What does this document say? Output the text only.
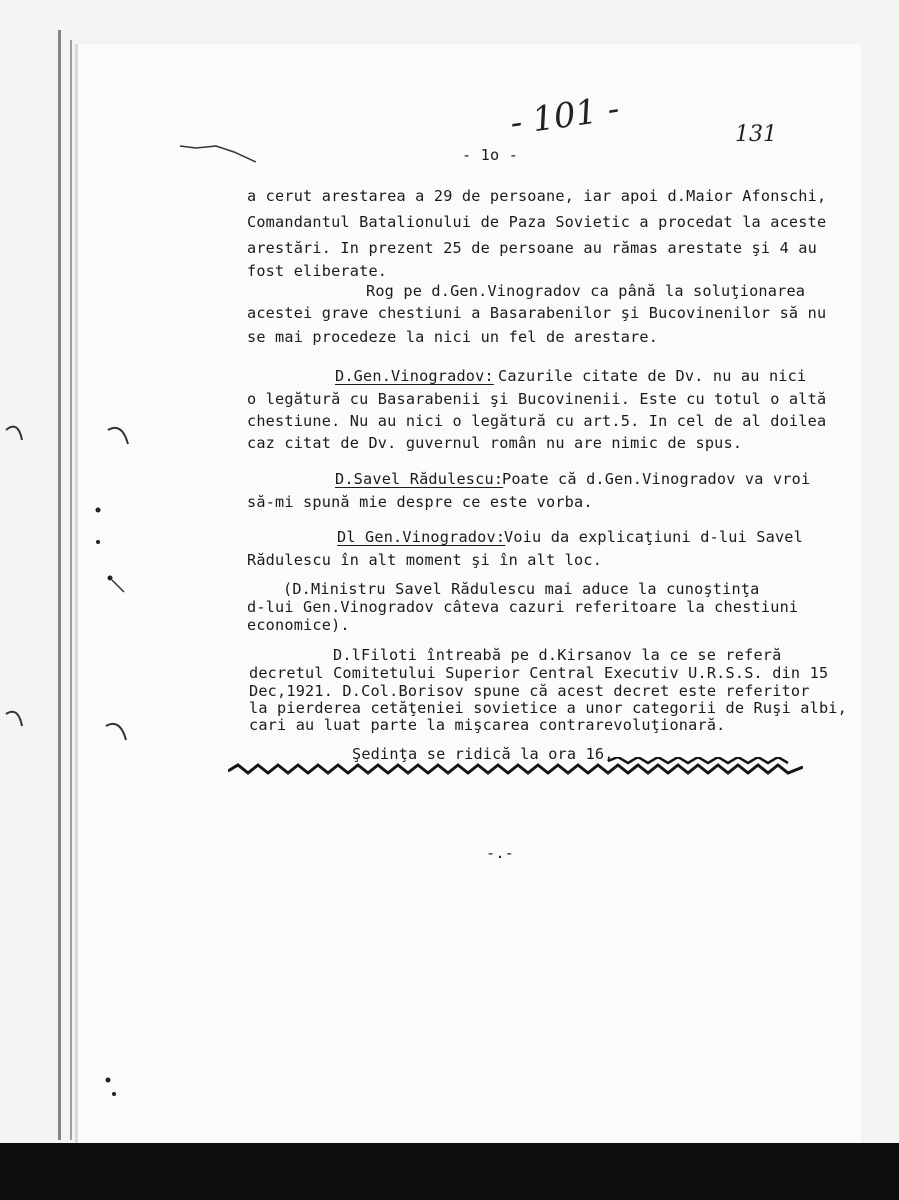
- 101 -	131
- 1o -
a cerut arestarea a 29 de persoane, iar apoi d.Maior Afonschi,
Comandantul Batalionului de Paza Sovietic a procedat la aceste
arestări. In prezent 25 de persoane au rămas arestate şi 4 au
fost eliberate.
Rog pe d.Gen.Vinogradov ca până la soluţionarea
acestei grave chestiuni a Basarabenilor şi Bucovinenilor să nu
se mai procedeze la nici un fel de arestare.
D.Gen.Vinogradov: Cazurile citate de Dv. nu au nici
o legătură cu Basarabenii şi Bucovinenii. Este cu totul o altă
chestiune. Nu au nici o legătură cu art.5. In cel de al doilea
caz citat de Dv. guvernul român nu are nimic de spus.
D.Savel Rădulescu:
Poate că d.Gen.Vinogradov va vroi
să-mi spună mie despre ce este vorba.
Dl Gen.Vinogradov:
Voiu da explicaţiuni d-lui Savel
Rădulescu în alt moment şi în alt loc.
(D.Ministru Savel Rădulescu mai aduce la cunoştinţa
d-lui Gen.Vinogradov câteva cazuri referitoare la chestiuni
economice).
D.lFiloti întreabă pe d.Kirsanov la ce se referă
decretul Comitetului Superior Central Executiv U.R.S.S. din 15
Dec,1921. D.Col.Borisov spune că acest decret este referitor
la pierderea cetăţeniei sovietice a unor categorii de Ruşi albi,
cari au luat parte la mişcarea contrarevoluţionară.
Şedinţa se ridică la ora 16,
-.-
